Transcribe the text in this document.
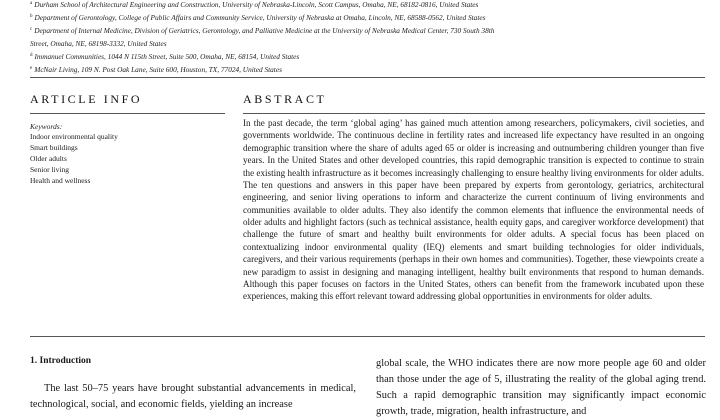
$^a$ Durham School of Architectural Engineering and Construction, University of Nebraska-Lincoln, Scott Campus, Omaha, NE, 68182-0816, United States

$^b$ Department of Gerontology, College of Public Affairs and Community Service, University of Nebraska at Omaha, Lincoln, NE, 68588-0562, United States

$^c$ Department of Internal Medicine, Division of Geriatrics, Gerontology, and Palliative Medicine at the University of Nebraska Medical Center, 730 South 38th

Street, Omaha, NE, 68198-3332, United States

$^d$ Immanuel Communities, 1044 N 115th Street, Suite 500, Omaha, NE, 68154, United States

$^e$ McNair Living, 109 N. Post Oak Lane, Suite 600, Houston, TX, 77024, United States

ARTICLE INFO	ABSTRACT
Keywords:
Indoor environmental quality
Smart buildings
Older adults
Senior living
Health and wellness

In the past decade, the term ‘global aging’ has gained much attention among researchers, policymakers, civil societies, and governments worldwide. The continuous decline in fertility rates and increased life expectancy have resulted in an ongoing demographic transition where the share of adults aged 65 or older is increasing and outnumbering children younger than five years. In the United States and other developed countries, this rapid demographic transition is expected to continue to strain the existing health infrastructure as it becomes increasingly challenging to ensure healthy living environments for older adults. The ten questions and answers in this paper have been prepared by experts from gerontology, geriatrics, architectural engineering, and senior living operations to inform and characterize the current continuum of living environments and communities available to older adults. They also identify the common elements that influence the environmental needs of older adults and highlight factors (such as technical assistance, health equity gaps, and caregiver workforce development) that challenge the future of smart and healthy built environments for older adults. A special focus has been placed on contextualizing indoor environmental quality (IEQ) elements and smart building technologies for older individuals, caregivers, and their various requirements (perhaps in their own homes and communities). Together, these viewpoints create a new paradigm to assist in designing and managing intelligent, healthy built environments that respond to human demands. Although this paper focuses on factors in the United States, others can benefit from the framework incubated upon these experiences, making this effort relevant toward addressing global opportunities in environments for older adults.

1. Introduction

The last 50–75 years have brought substantial advancements in medical, technological, social, and economic fields, yielding an increase

global scale, the WHO indicates there are now more people age 60 and older than those under the age of 5, illustrating the reality of the global aging trend. Such a rapid demographic transition may significantly impact economic growth, trade, migration, health infrastructure, and
